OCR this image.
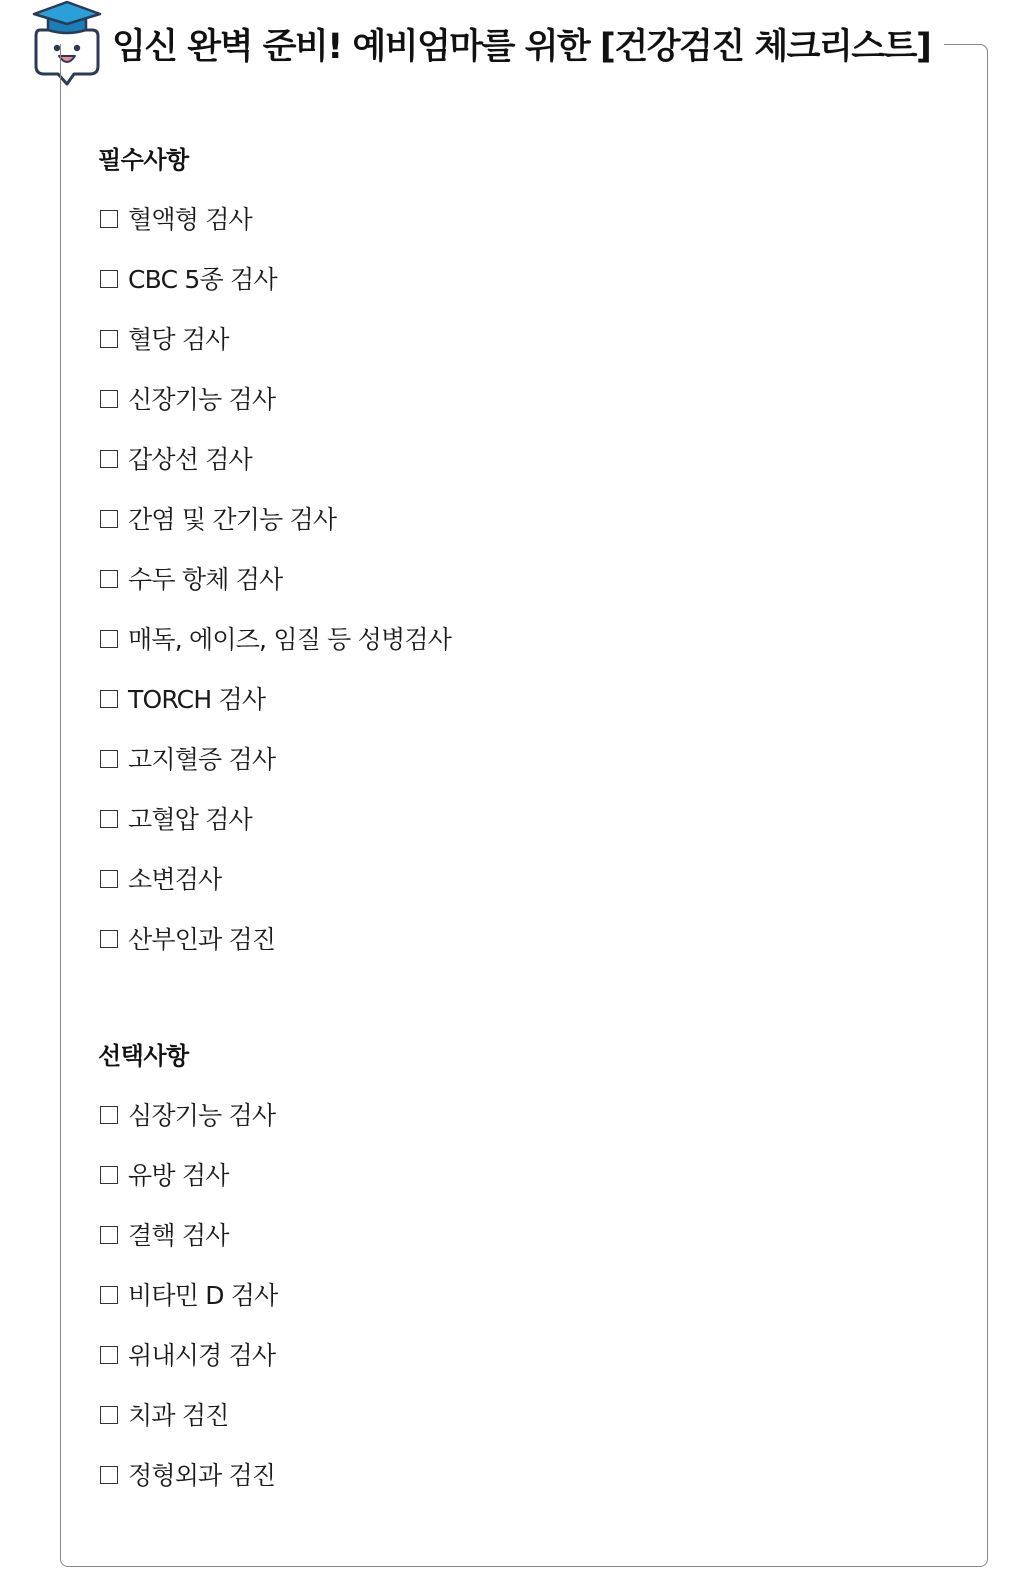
임신 완벽 준비! 예비엄마를 위한 [건강검진 체크리스트]
필수사항
혈액형 검사
CBC 5종 검사
혈당 검사
신장기능 검사
갑상선 검사
간염 및 간기능 검사
수두 항체 검사
매독, 에이즈, 임질 등 성병검사
TORCH 검사
고지혈증 검사
고혈압 검사
소변검사
산부인과 검진
선택사항
심장기능 검사
유방 검사
결핵 검사
비타민 D 검사
위내시경 검사
치과 검진
정형외과 검진
